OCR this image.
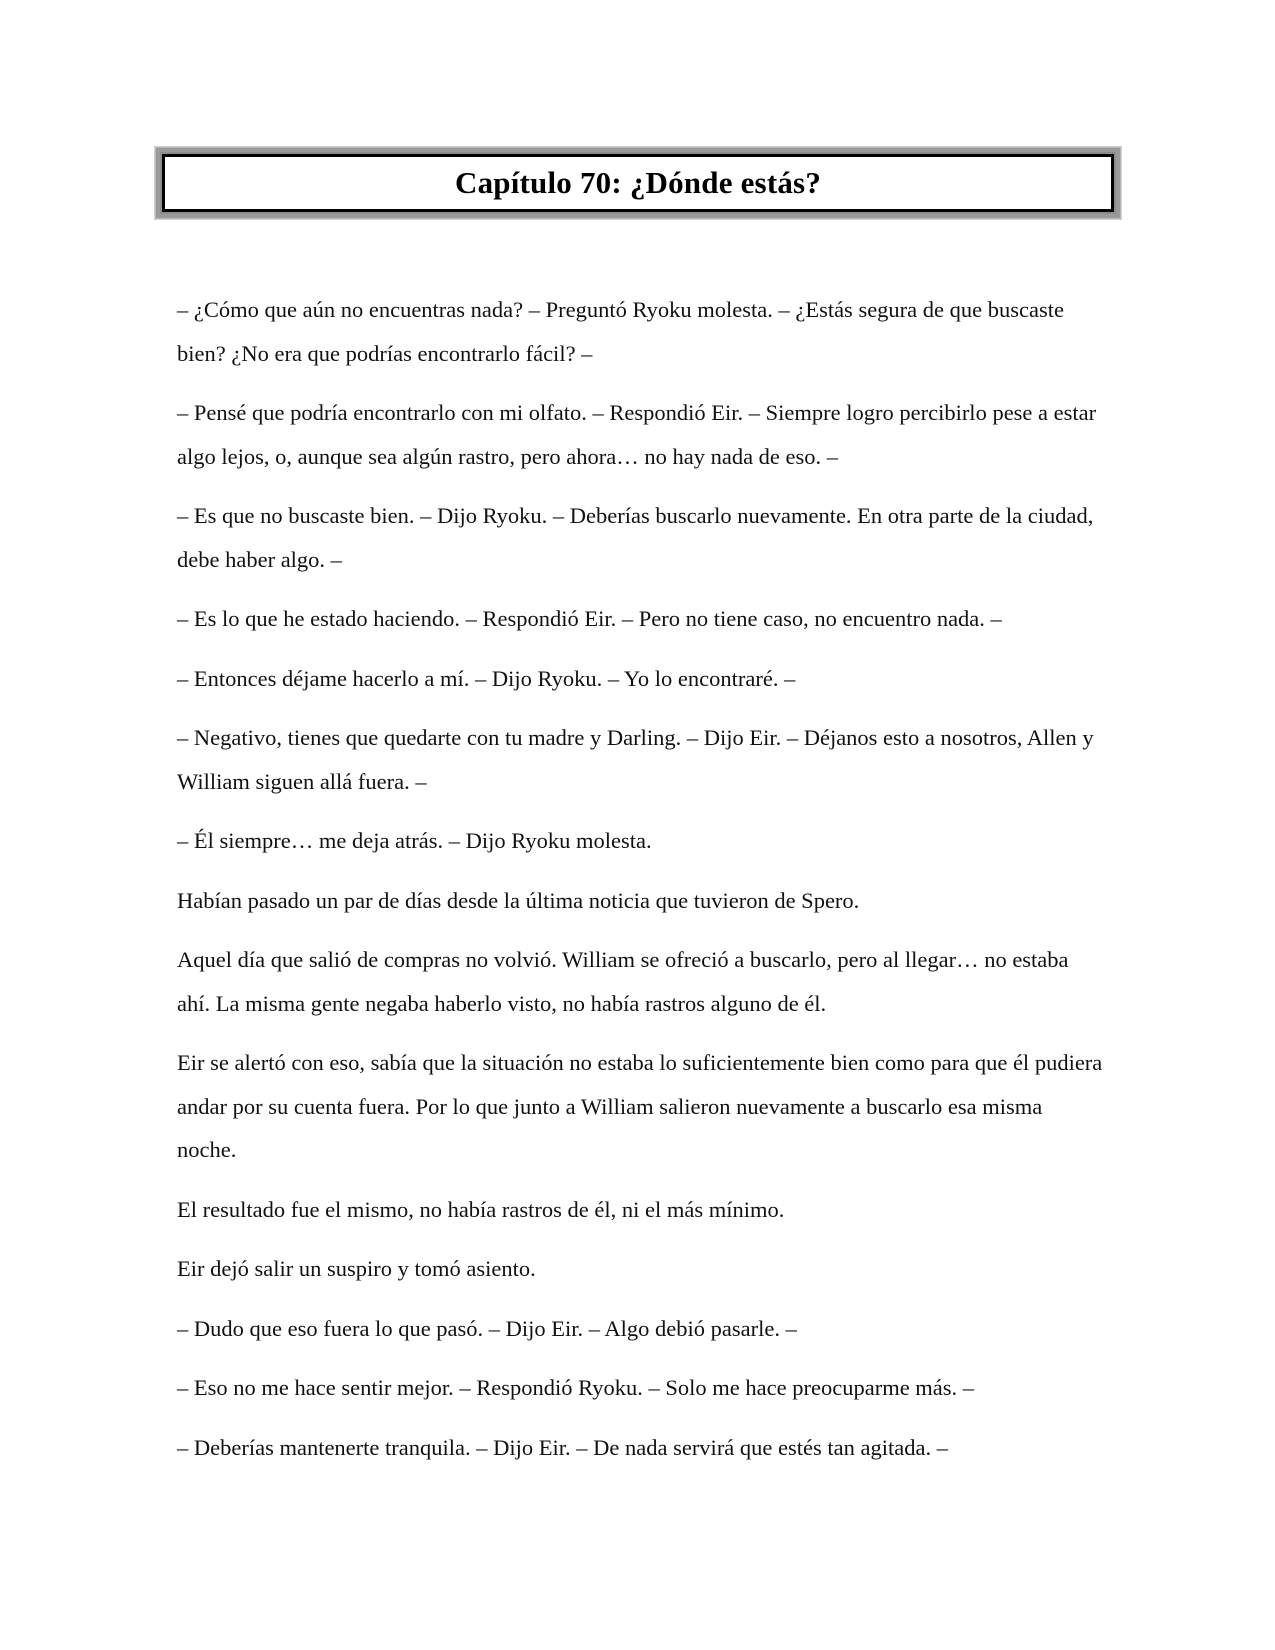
Capítulo 70: ¿Dónde estás?

– ¿Cómo que aún no encuentras nada? – Preguntó Ryoku molesta. – ¿Estás segura de que buscaste bien? ¿No era que podrías encontrarlo fácil? –

– Pensé que podría encontrarlo con mi olfato. – Respondió Eir. – Siempre logro percibirlo pese a estar algo lejos, o, aunque sea algún rastro, pero ahora… no hay nada de eso. –

– Es que no buscaste bien. – Dijo Ryoku. – Deberías buscarlo nuevamente. En otra parte de la ciudad, debe haber algo. –

– Es lo que he estado haciendo. – Respondió Eir. – Pero no tiene caso, no encuentro nada. –

– Entonces déjame hacerlo a mí. – Dijo Ryoku. – Yo lo encontraré. –

– Negativo, tienes que quedarte con tu madre y Darling. – Dijo Eir. – Déjanos esto a nosotros, Allen y William siguen allá fuera. –

– Él siempre… me deja atrás. – Dijo Ryoku molesta.

Habían pasado un par de días desde la última noticia que tuvieron de Spero.

Aquel día que salió de compras no volvió. William se ofreció a buscarlo, pero al llegar… no estaba ahí. La misma gente negaba haberlo visto, no había rastros alguno de él.

Eir se alertó con eso, sabía que la situación no estaba lo suficientemente bien como para que él pudiera andar por su cuenta fuera. Por lo que junto a William salieron nuevamente a buscarlo esa misma noche.

El resultado fue el mismo, no había rastros de él, ni el más mínimo.

Eir dejó salir un suspiro y tomó asiento.

– Dudo que eso fuera lo que pasó. – Dijo Eir. – Algo debió pasarle. –

– Eso no me hace sentir mejor. – Respondió Ryoku. – Solo me hace preocuparme más. –

– Deberías mantenerte tranquila. – Dijo Eir. – De nada servirá que estés tan agitada. –
